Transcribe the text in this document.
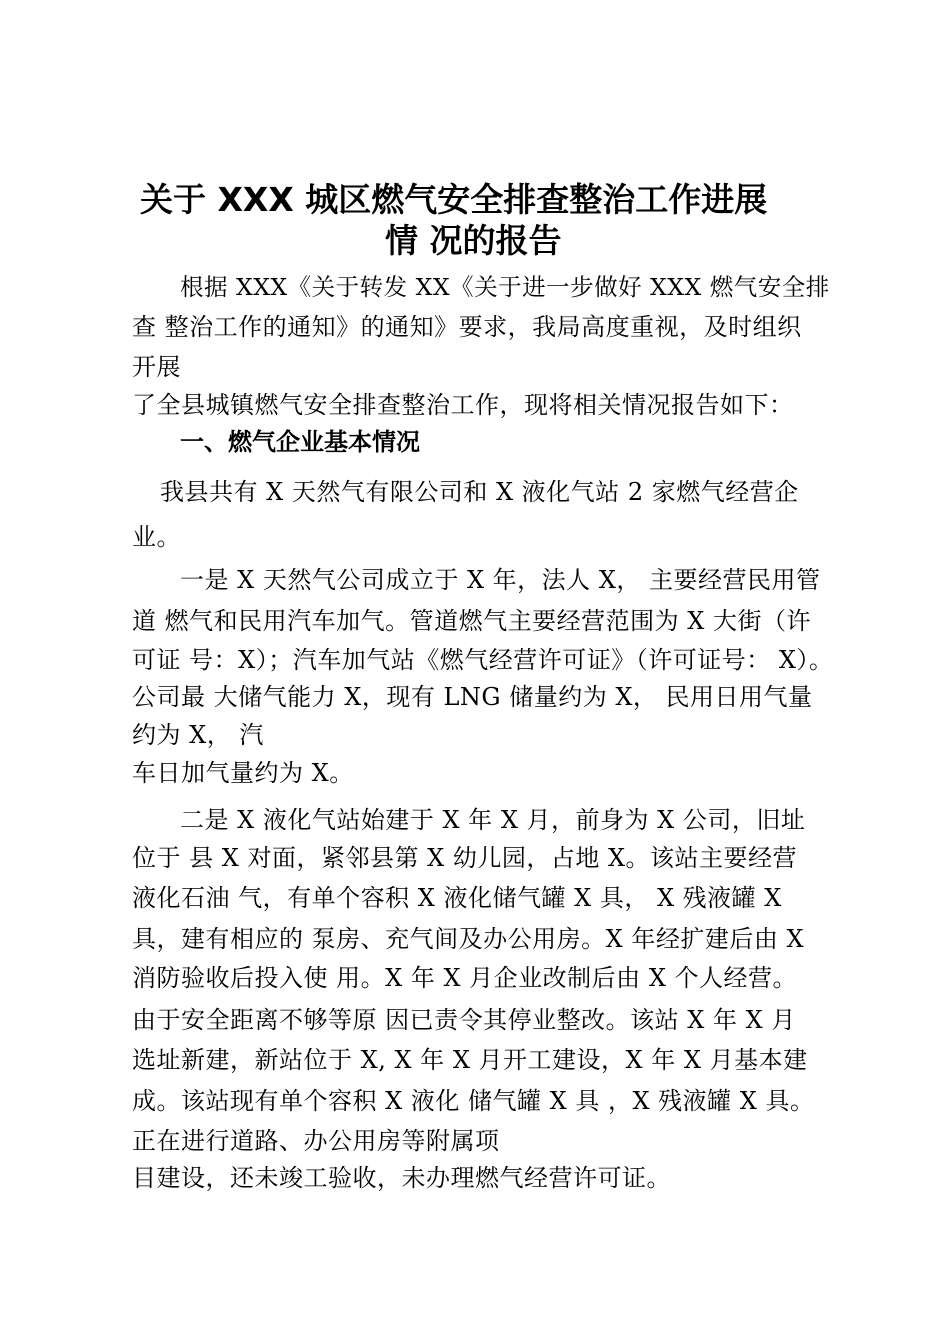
关于 XXX 城区燃气安全排查整治工作进展
情 况的报告
根据 XXX《关于转发 XX《关于进一步做好 XXX 燃气安全排
查 整治工作的通知》的通知》要求，我局高度重视，及时组织
开展
了全县城镇燃气安全排查整治工作，现将相关情况报告如下：
一、燃气企业基本情况
我县共有 X 天然气有限公司和 X 液化气站 2 家燃气经营企
业。
一是 X 天然气公司成立于 X 年，法人 X， 主要经营民用管
道 燃气和民用汽车加气。管道燃气主要经营范围为 X 大街（许
可证 号：X）；汽车加气站《燃气经营许可证》（许可证号： X）。
公司最 大储气能力 X，现有 LNG 储量约为 X， 民用日用气量
约为 X， 汽
车日加气量约为 X。
二是 X 液化气站始建于 X 年 X 月，前身为 X 公司，旧址
位于 县 X 对面，紧邻县第 X 幼儿园，占地 X。该站主要经营
液化石油 气，有单个容积 X 液化储气罐 X 具， X 残液罐 X
具，建有相应的 泵房、充气间及办公用房。X 年经扩建后由 X
消防验收后投入使 用。X 年 X 月企业改制后由 X 个人经营。
由于安全距离不够等原 因已责令其停业整改。该站 X 年 X 月
选址新建，新站位于 X, X 年 X 月开工建设，X 年 X 月基本建
成。该站现有单个容积 X 液化 储气罐 X 具 ，X 残液罐 X 具。
正在进行道路、办公用房等附属项
目建设，还未竣工验收，未办理燃气经营许可证。
